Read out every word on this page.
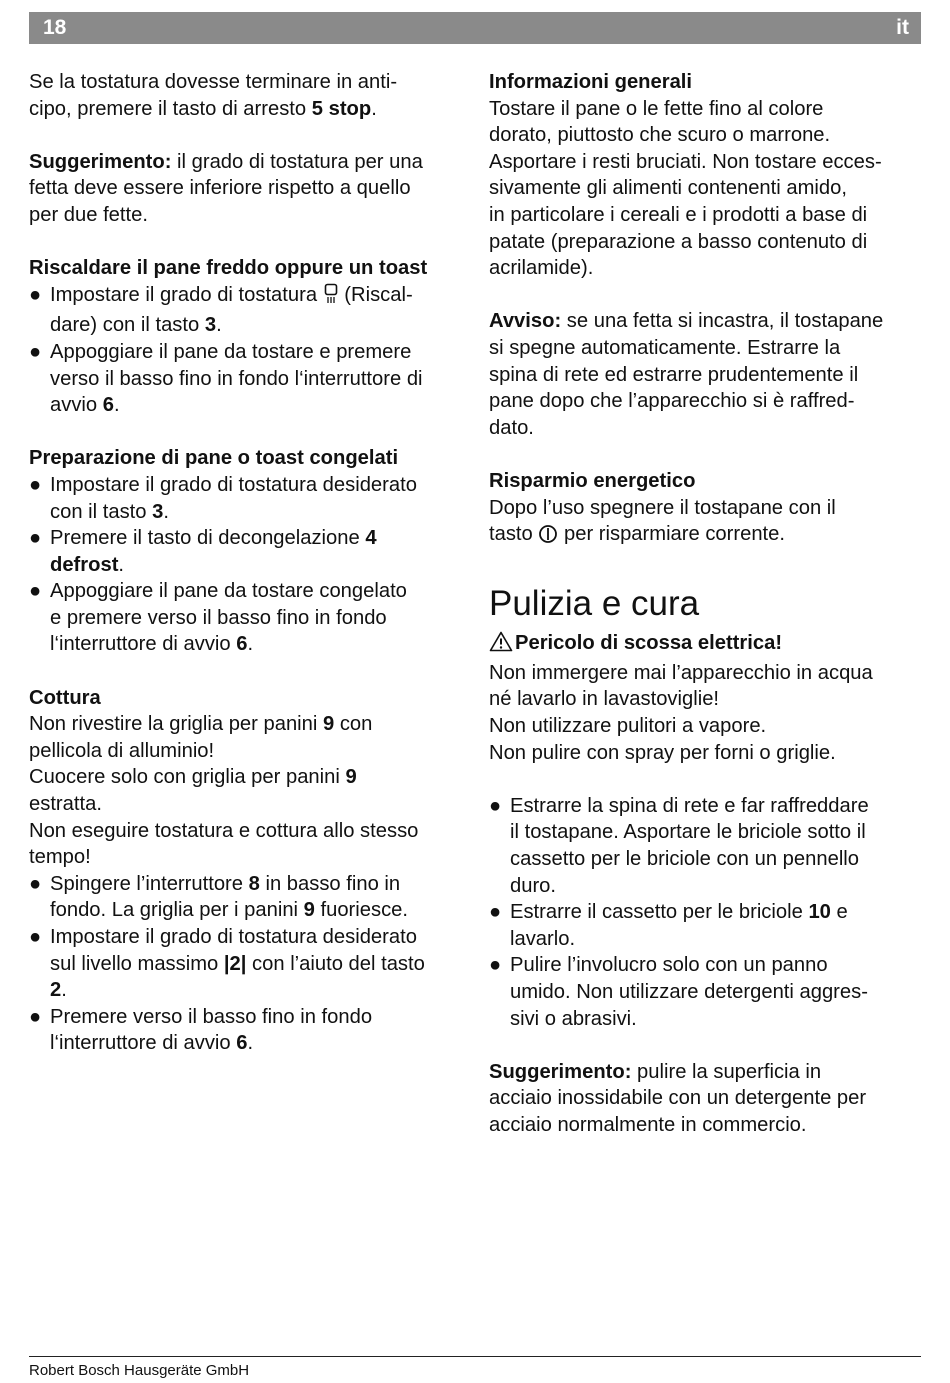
18	it

Se la tostatura dovesse terminare in anti-

cipo, premere il tasto di arresto 5 stop.

Suggerimento: il grado di tostatura per una

fetta deve essere inferiore rispetto a quello

per due fette.

Riscaldare il pane freddo oppure un toast

● Impostare il grado di tostatura  (Riscal-

dare) con il tasto 3.

● Appoggiare il pane da tostare e premere

verso il basso fino in fondo l‘interruttore di

avvio 6.

Preparazione di pane o toast congelati

● Impostare il grado di tostatura desiderato

con il tasto 3.

● Premere il tasto di decongelazione 4

defrost.

● Appoggiare il pane da tostare congelato

e premere verso il basso fino in fondo

l‘interruttore di avvio 6.

Cottura

Non rivestire la griglia per panini 9 con

pellicola di alluminio!

Cuocere solo con griglia per panini 9

estratta.

Non eseguire tostatura e cottura allo stesso

tempo!

● Spingere l’interruttore 8 in basso fino in

fondo. La griglia per i panini 9 fuoriesce.

● Impostare il grado di tostatura desiderato

sul livello massimo |2| con l’aiuto del tasto

2.

● Premere verso il basso fino in fondo

l‘interruttore di avvio 6.

Informazioni generali

Tostare il pane o le fette fino al colore

dorato, piuttosto che scuro o marrone.

Asportare i resti bruciati. Non tostare ecces-

sivamente gli alimenti contenenti amido,

in particolare i cereali e i prodotti a base di

patate (preparazione a basso contenuto di

acrilamide).

Avviso: se una fetta si incastra, il tostapane

si spegne automaticamente. Estrarre la

spina di rete ed estrarre prudentemente il

pane dopo che l’apparecchio si è raffred-

dato.

Risparmio energetico

Dopo l’uso spegnere il tostapane con il

tasto  per risparmiare corrente.

Pulizia e cura

Pericolo di scossa elettrica!

Non immergere mai l’apparecchio in acqua

né lavarlo in lavastoviglie!

Non utilizzare pulitori a vapore.

Non pulire con spray per forni o griglie.

● Estrarre la spina di rete e far raffreddare

il tostapane. Asportare le briciole sotto il

cassetto per le briciole con un pennello

duro.

● Estrarre il cassetto per le briciole 10 e

lavarlo.

● Pulire l’involucro solo con un panno

umido. Non utilizzare detergenti aggres-

sivi o abrasivi.

Suggerimento: pulire la superficia in

acciaio inossidabile con un detergente per

acciaio normalmente in commercio.

Robert Bosch Hausgeräte GmbH
